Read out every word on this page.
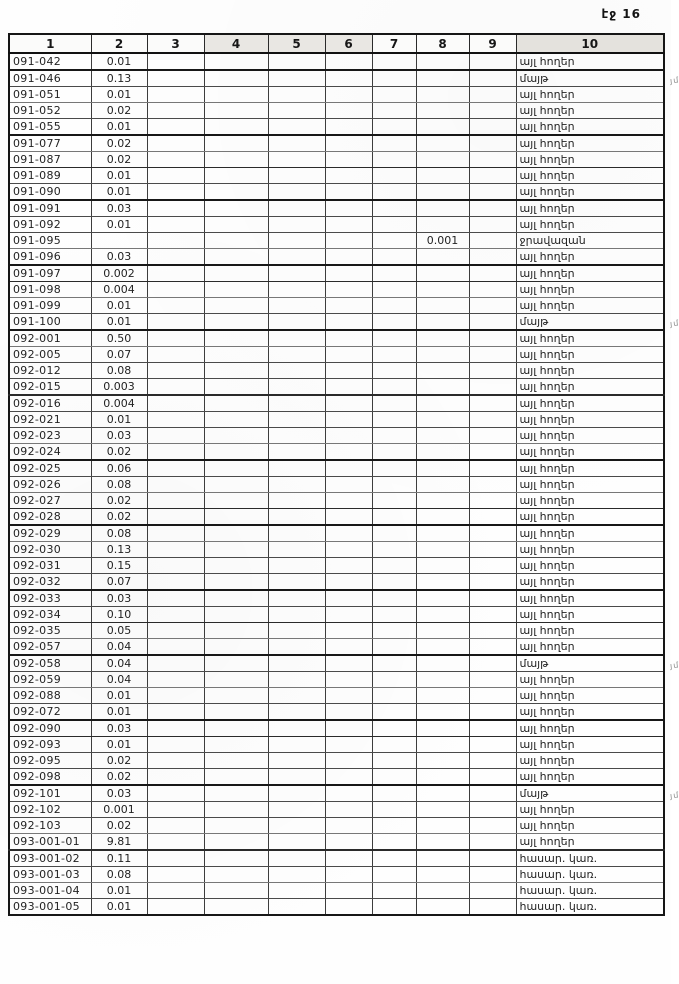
էջ 16
1	2	3	4	5	6	7	8	9	10
091-042	0.01								այլ հողեր
091-046	0.13								մայթ յմ

091-051	0.01								այլ հողեր
091-052	0.02								այլ հողեր
091-055	0.01								այլ հողեր
091-077	0.02								այլ հողեր
091-087	0.02								այլ հողեր
091-089	0.01								այլ հողեր
091-090	0.01								այլ հողեր
091-091	0.03								այլ հողեր
091-092	0.01								այլ հողեր
091-095							0.001		ջրավազան
091-096	0.03								այլ հողեր
091-097	0.002								այլ հողեր
091-098	0.004								այլ հողեր
091-099	0.01								այլ հողեր
091-100	0.01								մայթ յմ

092-001	0.50								այլ հողեր
092-005	0.07								այլ հողեր
092-012	0.08								այլ հողեր
092-015	0.003								այլ հողեր
092-016	0.004								այլ հողեր
092-021	0.01								այլ հողեր
092-023	0.03								այլ հողեր
092-024	0.02								այլ հողեր
092-025	0.06								այլ հողեր
092-026	0.08								այլ հողեր
092-027	0.02								այլ հողեր
092-028	0.02								այլ հողեր
092-029	0.08								այլ հողեր
092-030	0.13								այլ հողեր
092-031	0.15								այլ հողեր
092-032	0.07								այլ հողեր
092-033	0.03								այլ հողեր
092-034	0.10								այլ հողեր
092-035	0.05								այլ հողեր
092-057	0.04								այլ հողեր
092-058	0.04								մայթ յմ

092-059	0.04								այլ հողեր
092-088	0.01								այլ հողեր
092-072	0.01								այլ հողեր
092-090	0.03								այլ հողեր
092-093	0.01								այլ հողեր
092-095	0.02								այլ հողեր
092-098	0.02								այլ հողեր
092-101	0.03								մայթ յմ

092-102	0.001								այլ հողեր
092-103	0.02								այլ հողեր
093-001-01	9.81								այլ հողեր
093-001-02	0.11								հասար. կառ.
093-001-03	0.08								հասար. կառ.
093-001-04	0.01								հասար. կառ.
093-001-05	0.01								հասար. կառ.
